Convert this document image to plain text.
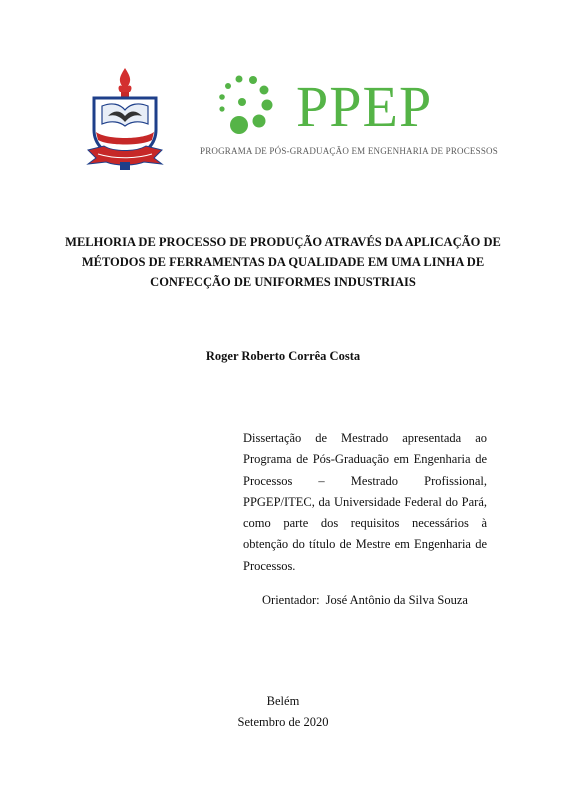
PPEP
PROGRAMA DE PÓS-GRADUAÇÃO EM ENGENHARIA DE PROCESSOS
MELHORIA DE PROCESSO DE PRODUÇÃO ATRAVÉS DA APLICAÇÃO DE
MÉTODOS DE FERRAMENTAS DA QUALIDADE EM UMA LINHA DE
CONFECÇÃO DE UNIFORMES INDUSTRIAIS
Roger Roberto Corrêa Costa
Dissertação de Mestrado apresentada ao Programa de Pós-Graduação em Engenharia de Processos – Mestrado Profissional, PPGEP/ITEC, da Universidade Federal do Pará, como parte dos requisitos necessários à obtenção do título de Mestre em Engenharia de Processos.
Orientador: José Antônio da Silva Souza
Belém
Setembro de 2020
